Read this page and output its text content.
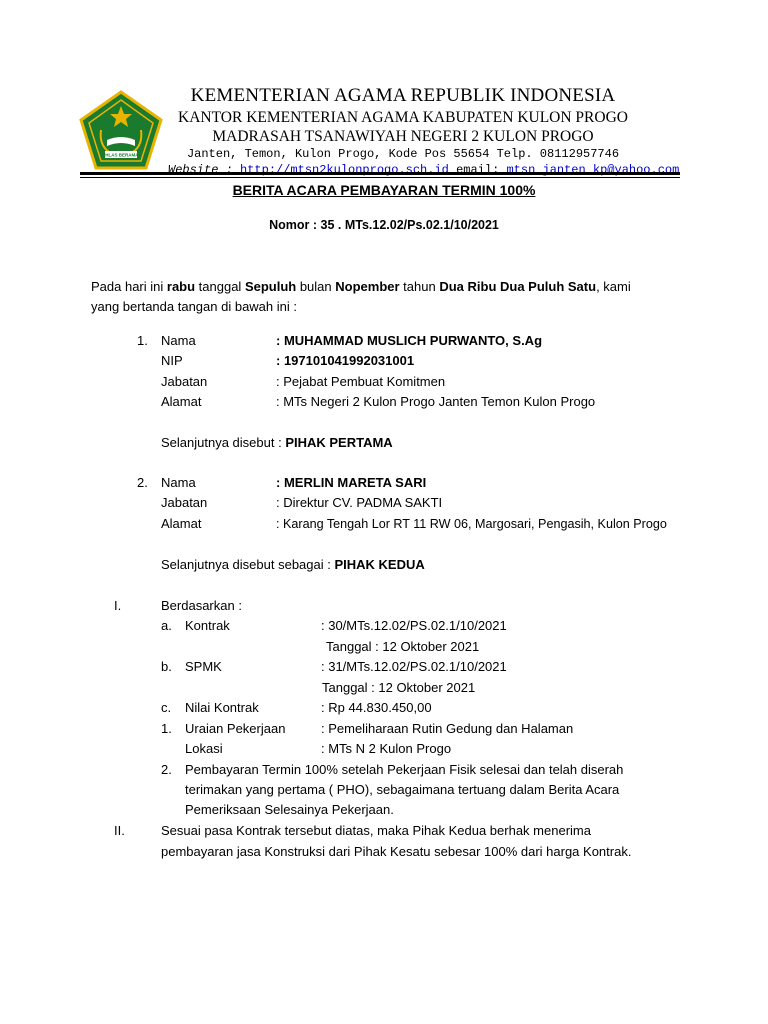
IKHLAS BERAMAL
KEMENTERIAN AGAMA REPUBLIK INDONESIA
KANTOR KEMENTERIAN AGAMA KABUPATEN KULON PROGO
MADRASAH TSANAWIYAH NEGERI 2 KULON PROGO
Janten, Temon, Kulon Progo, Kode Pos 55654 Telp. 08112957746
Website : http://mtsn2kulonprogo.sch.id email: mtsn_janten_kp@yahoo.com
BERITA ACARA PEMBAYARAN TERMIN 100%
Nomor : 35 . MTs.12.02/Ps.02.1/10/2021
Pada hari ini rabu tanggal Sepuluh bulan Nopember tahun Dua Ribu Dua Puluh Satu, kami
yang bertanda tangan di bawah ini :
1. Nama	: MUHAMMAD MUSLICH PURWANTO, S.Ag
NIP	: 197101041992031001
Jabatan	: Pejabat Pembuat Komitmen
Alamat	: MTs Negeri 2 Kulon Progo Janten Temon Kulon Progo
Selanjutnya disebut : PIHAK PERTAMA
2. Nama	: MERLIN MARETA SARI
Jabatan	: Direktur CV. PADMA SAKTI
Alamat	: Karang Tengah Lor RT 11 RW 06, Margosari, Pengasih, Kulon Progo
Selanjutnya disebut sebagai : PIHAK KEDUA
I.	Berdasarkan :
a. Kontrak	: 30/MTs.12.02/PS.02.1/10/2021
Tanggal : 12 Oktober 2021
b. SPMK	: 31/MTs.12.02/PS.02.1/10/2021
Tanggal : 12 Oktober 2021
c. Nilai Kontrak	: Rp 44.830.450,00
1. Uraian Pekerjaan	: Pemeliharaan Rutin Gedung dan Halaman
Lokasi	: MTs N 2 Kulon Progo
2. Pembayaran Termin 100% setelah Pekerjaan Fisik selesai dan telah diserah
terimakan yang pertama ( PHO), sebagaimana tertuang dalam Berita Acara
Pemeriksaan Selesainya Pekerjaan.
II.	Sesuai pasa Kontrak tersebut diatas, maka Pihak Kedua berhak menerima
pembayaran jasa Konstruksi dari Pihak Kesatu sebesar 100% dari harga Kontrak.
